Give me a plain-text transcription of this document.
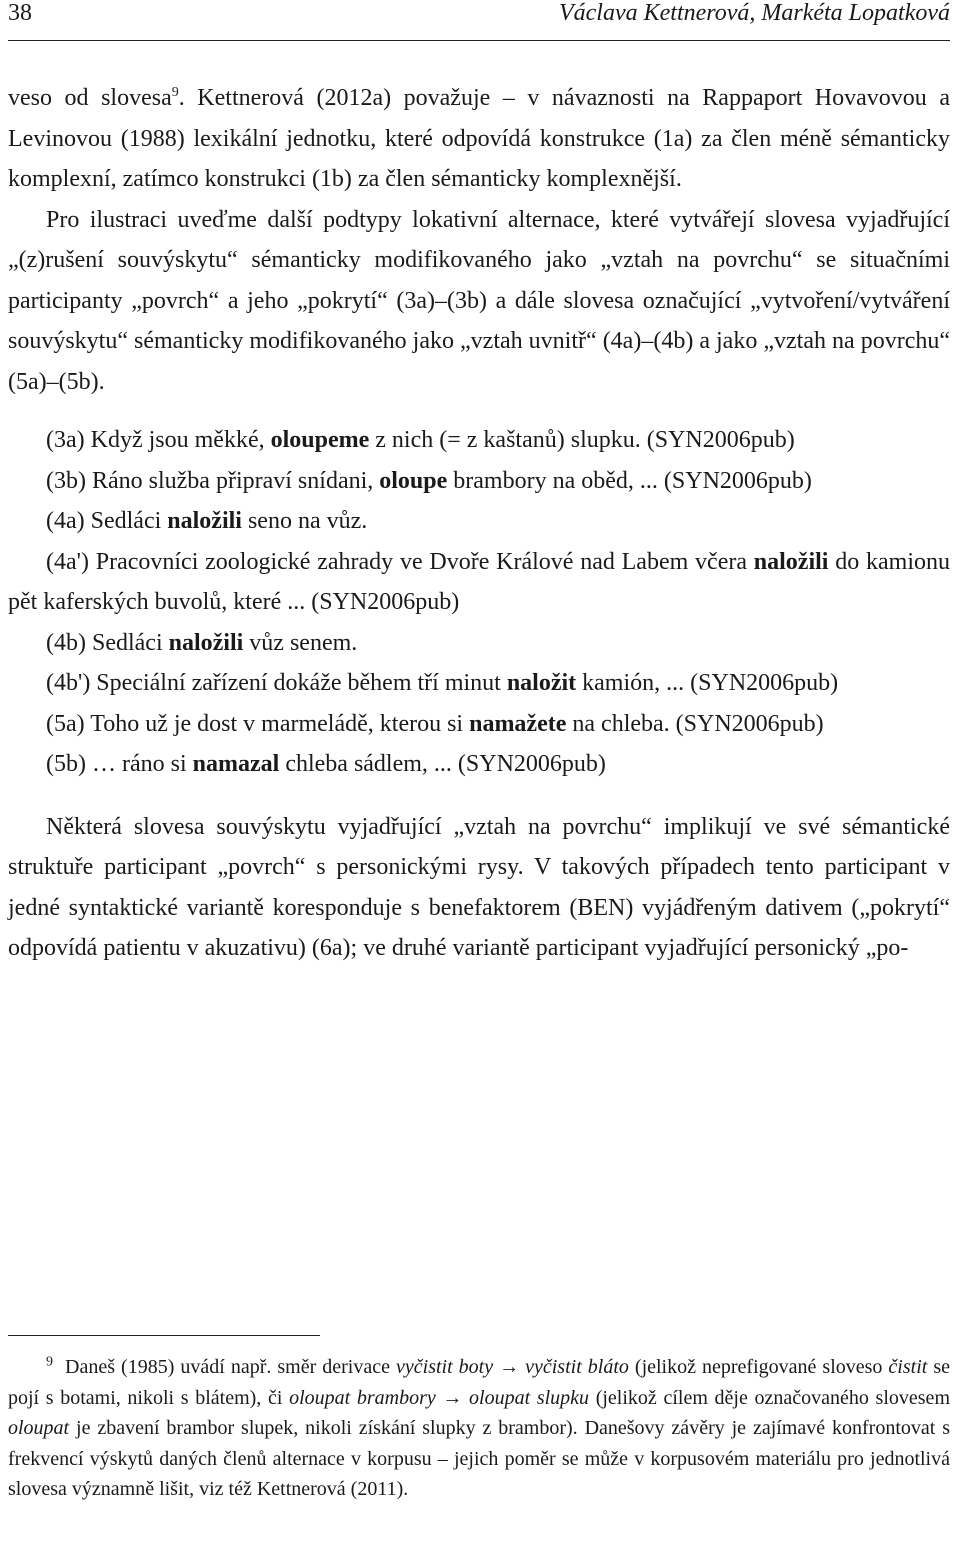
38	Václava Kettnerová, Markéta Lopatková

veso od slovesa$^9$. Kettnerová (2012a) považuje – v návaznosti na Rappaport Hovavovou a Levinovou (1988) lexikální jednotku, které odpovídá konstrukce (1a) za člen méně sémanticky komplexní, zatímco konstrukci (1b) za člen sémanticky komplexnější.

Pro ilustraci uveďme další podtypy lokativní alternace, které vytvářejí slovesa vyjadřující „(z)rušení souvýskytu“ sémanticky modifikovaného jako „vztah na povrchu“ se situačními participanty „povrch“ a jeho „pokrytí“ (3a)–(3b) a dále slovesa označující „vytvoření/vytváření souvýskytu“ sémanticky modifikovaného jako „vztah uvnitř“ (4a)–(4b) a jako „vztah na povrchu“ (5a)–(5b).

(3a) Když jsou měkké, oloupeme z nich (= z kaštanů) slupku. (SYN2006pub)

(3b) Ráno služba připraví snídani, oloupe brambory na oběd, ... (SYN2006pub)

(4a) Sedláci naložili seno na vůz.

(4a') Pracovníci zoologické zahrady ve Dvoře Králové nad Labem včera naložili do kamionu pět kaferských buvolů, které ... (SYN2006pub)

(4b) Sedláci naložili vůz senem.

(4b') Speciální zařízení dokáže během tří minut naložit kamión, ... (SYN2006pub)

(5a) Toho už je dost v marmeládě, kterou si namažete na chleba. (SYN2006pub)

(5b) … ráno si namazal chleba sádlem, ... (SYN2006pub)

Některá slovesa souvýskytu vyjadřující „vztah na povrchu“ implikují ve své sémantické struktuře participant „povrch“ s personickými rysy. V takových případech tento participant v jedné syntaktické variantě koresponduje s benefaktorem (BEN) vyjádřeným dativem („pokrytí“ odpovídá patientu v akuzativu) (6a); ve druhé variantě participant vyjadřující personický „po-

$^9$ Daneš (1985) uvádí např. směr derivace vyčistit boty → vyčistit bláto (jelikož neprefigované sloveso čistit se pojí s botami, nikoli s blátem), či oloupat brambory → oloupat slupku (jelikož cílem děje označovaného slovesem oloupat je zbavení brambor slupek, nikoli získání slupky z brambor). Danešovy závěry je zajímavé konfrontovat s frekvencí výskytů daných členů alternace v korpusu – jejich poměr se může v korpusovém materiálu pro jednotlivá slovesa významně lišit, viz též Kettnerová (2011).
